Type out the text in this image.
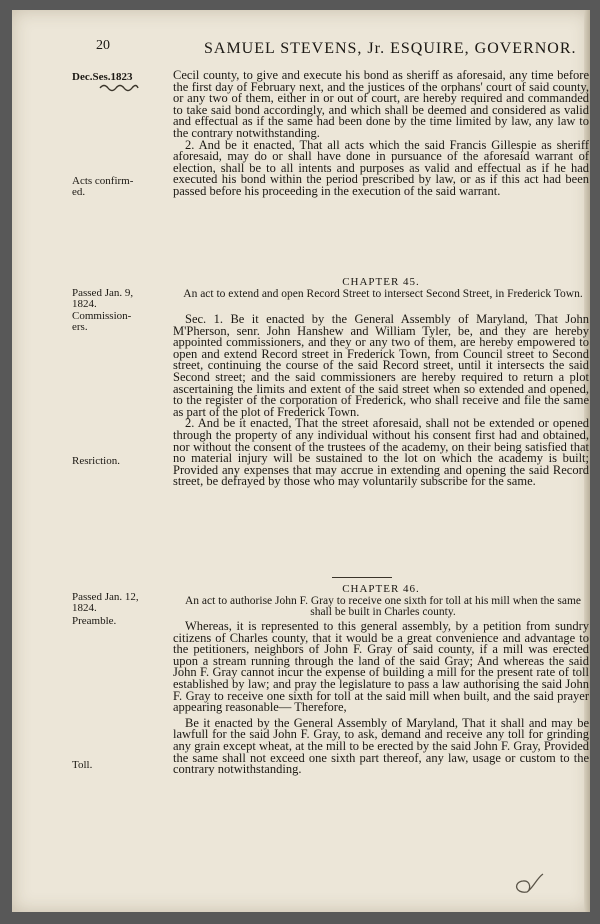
20	SAMUEL STEVENS, Jr. ESQUIRE, GOVERNOR.
Dec.Ses.1823
Acts confirm-ed.
Passed Jan. 9, 1824.
Commission-ers.
Resriction.
Passed Jan. 12, 1824.
Preamble.
Toll.

Cecil county, to give and execute his bond as sheriff as aforesaid, any time before the first day of February next, and the justices of the orphans' court of said county, or any two of them, either in or out of court, are hereby required and commanded to take said bond accordingly, and which shall be deemed and considered as valid and effectual as if the same had been done by the time limited by law, any law to the contrary notwithstanding.

2. And be it enacted, That all acts which the said Francis Gillespie as sheriff aforesaid, may do or shall have done in pursuance of the aforesaid warrant of election, shall be to all intents and purposes as valid and effectual as if he had executed his bond within the period prescribed by law, or as if this act had been passed before his proceeding in the execution of the said warrant.

CHAPTER 45.
An act to extend and open Record Street to intersect Second Street, in Frederick Town.

Sec. 1. Be it enacted by the General Assembly of Maryland, That John M'Pherson, senr. John Hanshew and William Tyler, be, and they are hereby appointed commissioners, and they or any two of them, are hereby empowered to open and extend Record street in Frederick Town, from Council street to Second street, continuing the course of the said Record street, until it intersects the said Second street; and the said commissioners are hereby required to return a plot ascertaining the limits and extent of the said street when so extended and opened, to the register of the corporation of Frederick, who shall receive and file the same as part of the plot of Frederick Town.

2. And be it enacted, That the street aforesaid, shall not be extended or opened through the property of any individual without his consent first had and obtained, nor without the consent of the trustees of the academy, on their being satisfied that no material injury will be sustained to the lot on which the academy is built; Provided any expenses that may accrue in extending and opening the said Record street, be defrayed by those who may voluntarily subscribe for the same.

CHAPTER 46.
An act to authorise John F. Gray to receive one sixth for toll at his mill when the same shall be built in Charles county.

Whereas, it is represented to this general assembly, by a petition from sundry citizens of Charles county, that it would be a great convenience and advantage to the petitioners, neighbors of John F. Gray of said county, if a mill was erected upon a stream running through the land of the said Gray; And whereas the said John F. Gray cannot incur the expense of building a mill for the present rate of toll established by law; and pray the legislature to pass a law authorising the said John F. Gray to receive one sixth for toll at the said mill when built, and the said prayer appearing reasonable— Therefore,

Be it enacted by the General Assembly of Maryland, That it shall and may be lawfull for the said John F. Gray, to ask, demand and receive any toll for grinding any grain except wheat, at the mill to be erected by the said John F. Gray, Provided the same shall not exceed one sixth part thereof, any law, usage or custom to the contrary notwithstanding.
